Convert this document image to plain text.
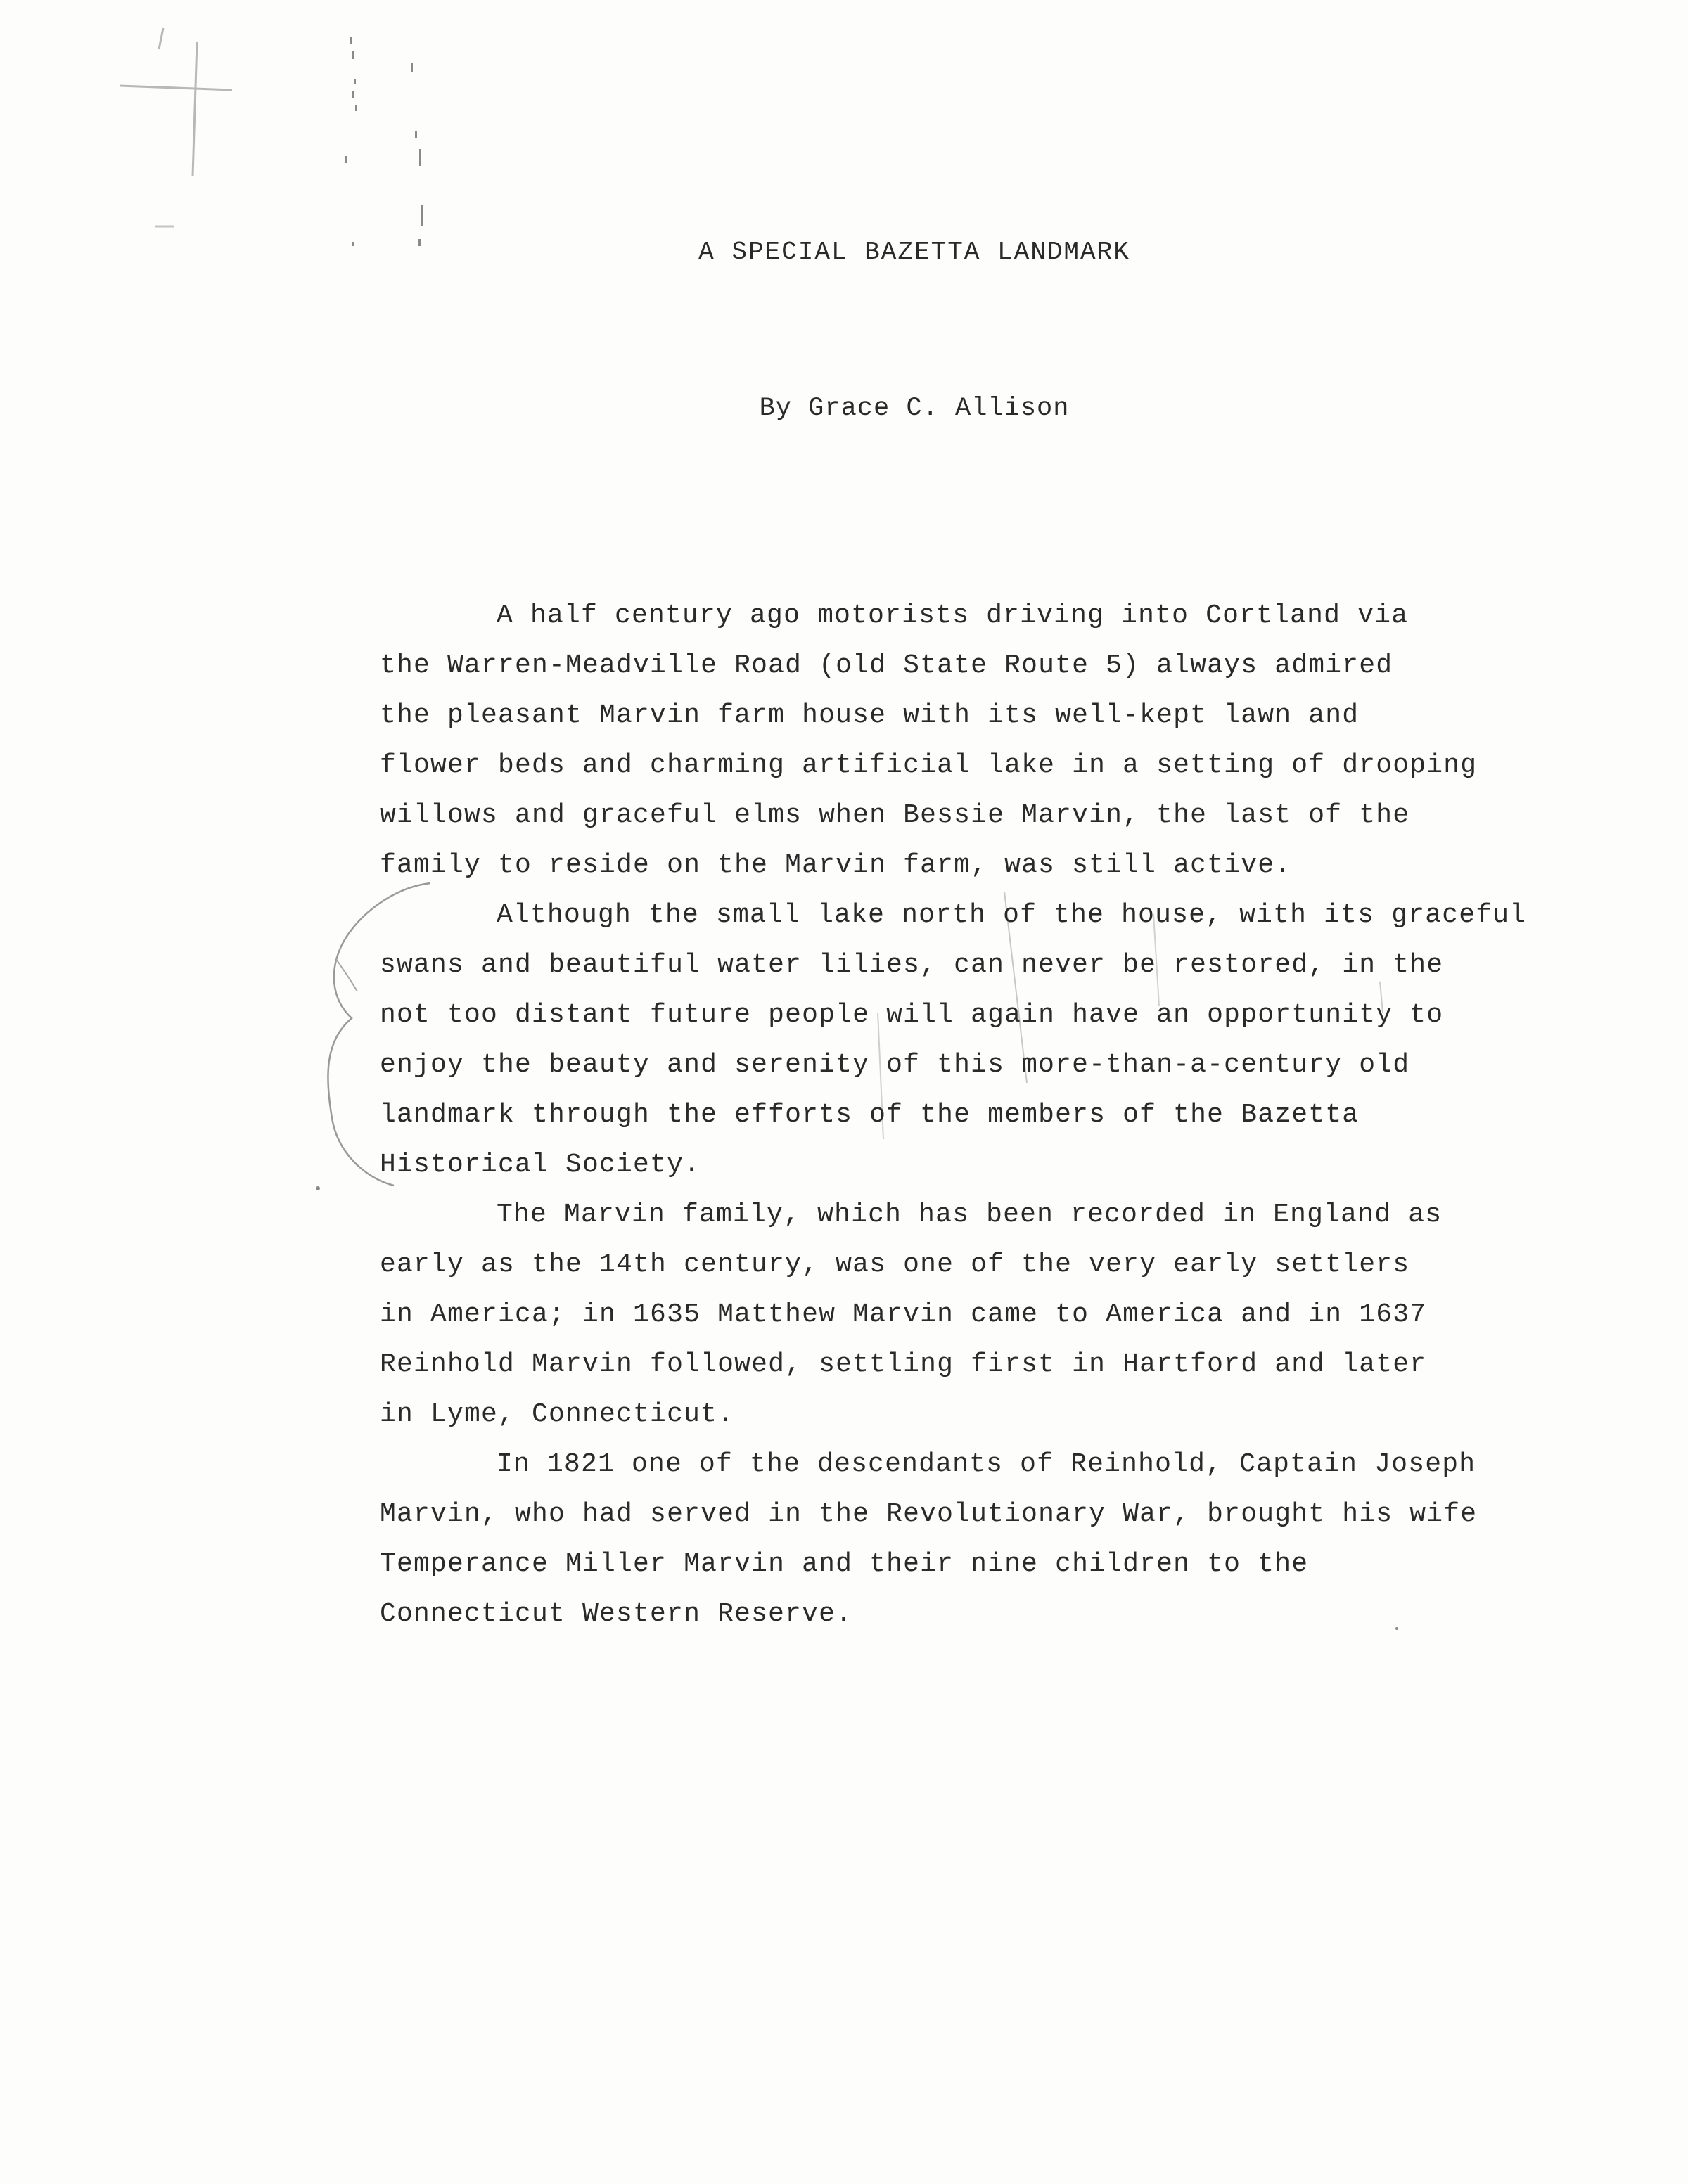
A SPECIAL BAZETTA LANDMARK
By Grace C. Allison
A half century ago motorists driving into Cortland via
the Warren-Meadville Road (old State Route 5) always admired
the pleasant Marvin farm house with its well-kept lawn and
flower beds and charming artificial lake in a setting of drooping
willows and graceful elms when Bessie Marvin, the last of the
family to reside on the Marvin farm, was still active.
Although the small lake north of the house, with its graceful
swans and beautiful water lilies, can never be restored, in the
not too distant future people will again have an opportunity to
enjoy the beauty and serenity of this more-than-a-century old
landmark through the efforts of the members of the Bazetta
Historical Society.
The Marvin family, which has been recorded in England as
early as the 14th century, was one of the very early settlers
in America; in 1635 Matthew Marvin came to America and in 1637
Reinhold Marvin followed, settling first in Hartford and later
in Lyme, Connecticut.
In 1821 one of the descendants of Reinhold, Captain Joseph
Marvin, who had served in the Revolutionary War, brought his wife
Temperance Miller Marvin and their nine children to the
Connecticut Western Reserve.
